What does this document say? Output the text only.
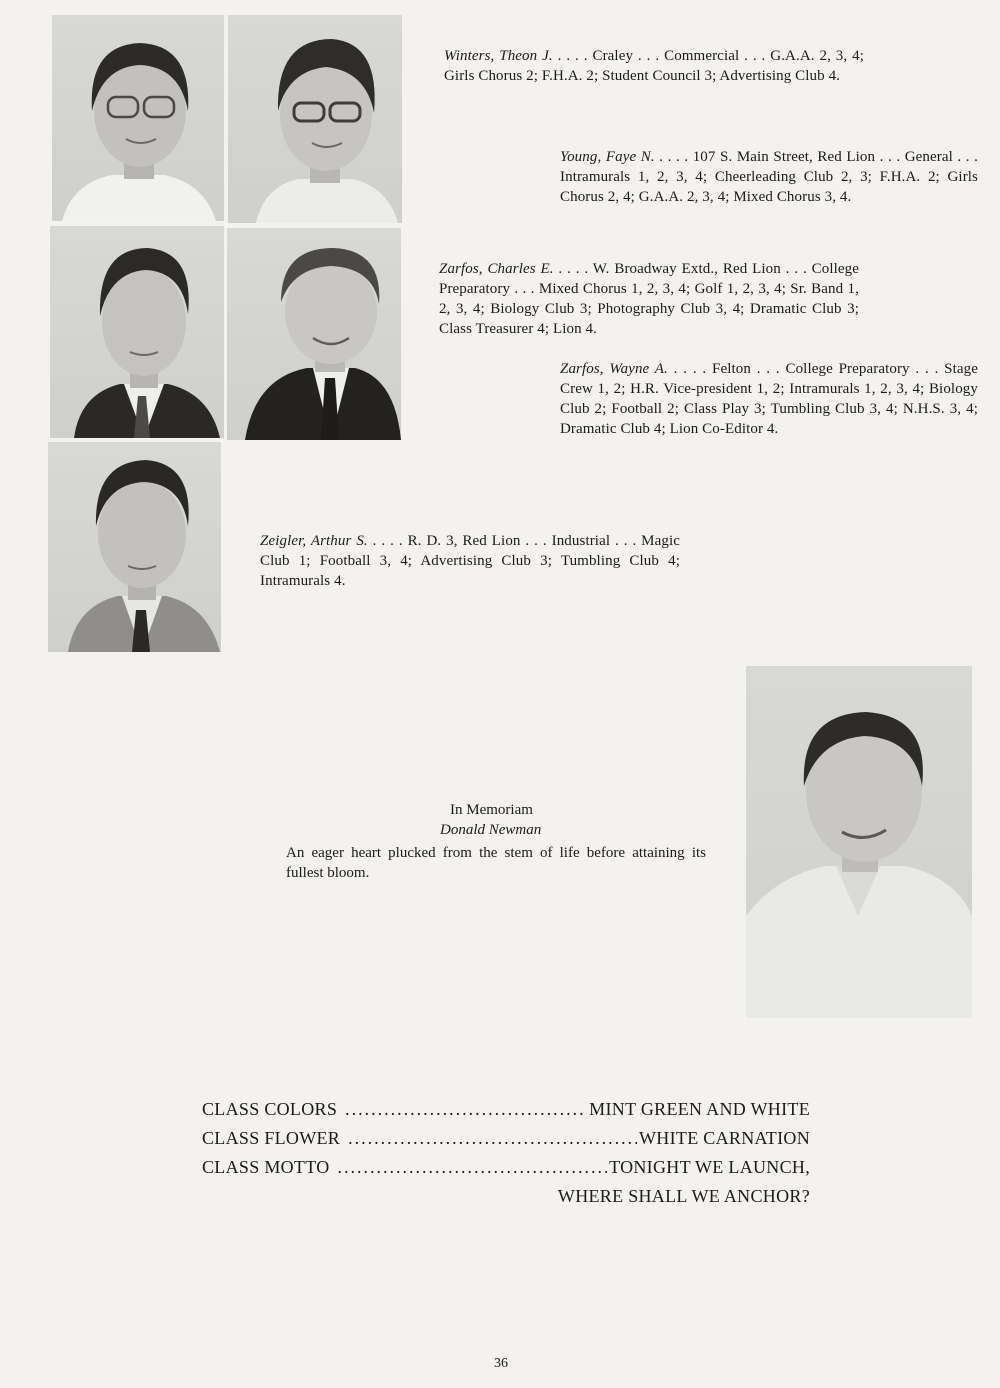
Winters, Theon J. . . . . Craley . . . Commercial . . . G.A.A. 2, 3, 4; Girls Chorus 2; F.H.A. 2; Student Council 3; Advertising Club 4.
Young, Faye N. . . . . 107 S. Main Street, Red Lion . . . General . . . Intramurals 1, 2, 3, 4; Cheerleading Club 2, 3; F.H.A. 2; Girls Chorus 2, 4; G.A.A. 2, 3, 4; Mixed Chorus 3, 4.
Zarfos, Charles E. . . . . W. Broadway Extd., Red Lion . . . College Preparatory . . . Mixed Chorus 1, 2, 3, 4; Golf 1, 2, 3, 4; Sr. Band 1, 2, 3, 4; Biology Club 3; Photography Club 3, 4; Dramatic Club 3; Class Treasurer 4; Lion 4.
Zarfos, Wayne A. . . . . Felton . . . College Preparatory . . . Stage Crew 1, 2; H.R. Vice-president 1, 2; Intramurals 1, 2, 3, 4; Biology Club 2; Football 2; Class Play 3; Tumbling Club 3, 4; N.H.S. 3, 4; Dramatic Club 4; Lion Co-Editor 4.
Zeigler, Arthur S. . . . . R. D. 3, Red Lion . . . Industrial . . . Magic Club 1; Football 3, 4; Advertising Club 3; Tumbling Club 4; Intramurals 4.
In Memoriam
Donald Newman
An eager heart plucked from the stem of life before attaining its fullest bloom.
CLASS COLORS .....	MINT GREEN AND WHITE
CLASS FLOWER .....	WHITE CARNATION
CLASS MOTTO .....	TONIGHT WE LAUNCH,
WHERE SHALL WE ANCHOR?
36
